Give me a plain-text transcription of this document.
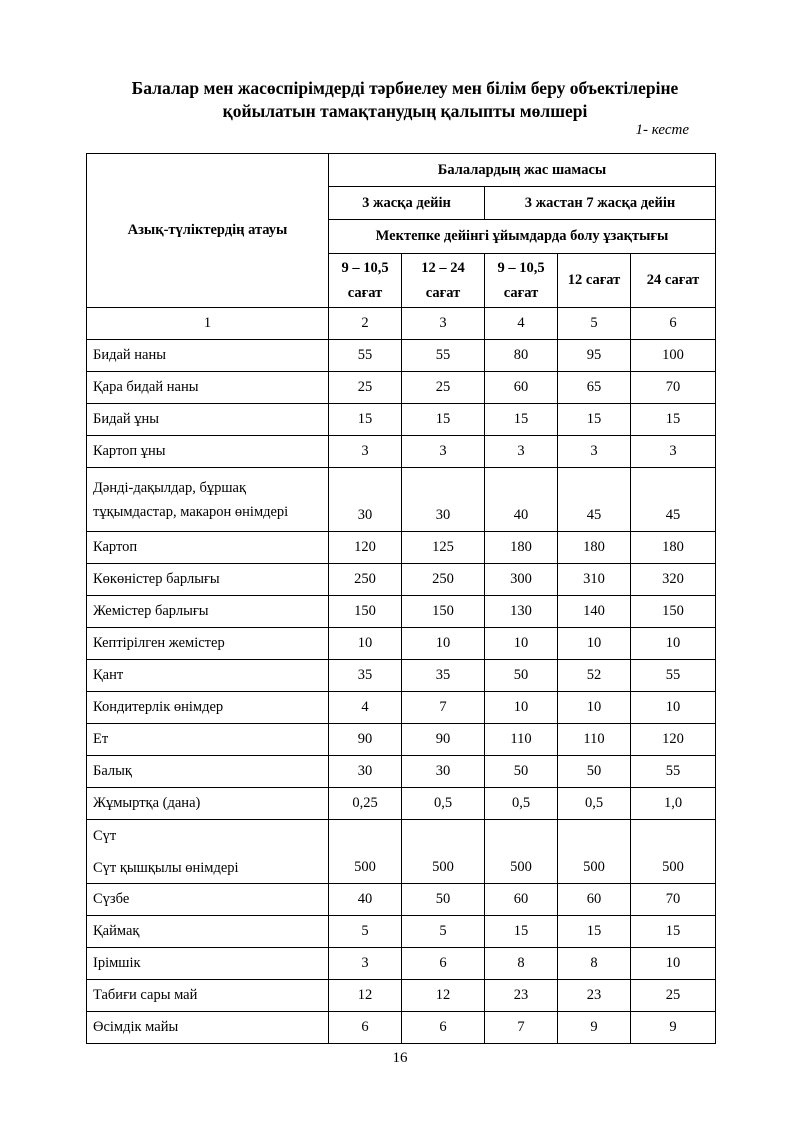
Балалар мен жасөспірімдерді тәрбиелеу мен білім беру объектілеріне
қойылатын тамақтанудың қалыпты мөлшері
1- кесте
Азық-түліктердің атауы	Балалардың жас шамасы				
	3 жасқа дейін		3 жастан 7 жасқа дейін		
	Мектепке дейінгі ұйымдарда болу ұзақтығы				
	9 – 10,5 сағат	12 – 24 сағат	9 – 10,5 сағат	12 сағат	24 сағат
1	2	3	4	5	6
Бидай наны	55	55	80	95	100
Қара бидай наны	25	25	60	65	70
Бидай ұны	15	15	15	15	15
Картоп ұны	3	3	3	3	3
Дәнді-дақылдар, бұршақ тұқымдастар, макарон өнімдері	30	30	40	45	45
Картоп	120	125	180	180	180
Көкөністер барлығы	250	250	300	310	320
Жемістер барлығы	150	150	130	140	150
Кептірілген жемістер	10	10	10	10	10
Қант	35	35	50	52	55
Кондитерлік өнімдер	4	7	10	10	10
Ет	90	90	110	110	120
Балық	30	30	50	50	55
Жұмыртқа (дана)	0,25	0,5	0,5	0,5	1,0

Сүт
Сүт қышқылы өнімдері	500	500	500	500	500
Сүзбе	40	50	60	60	70
Қаймақ	5	5	15	15	15
Ірімшік	3	6	8	8	10
Табиғи сары май	12	12	23	23	25
Өсімдік майы	6	6	7	9	9
16
